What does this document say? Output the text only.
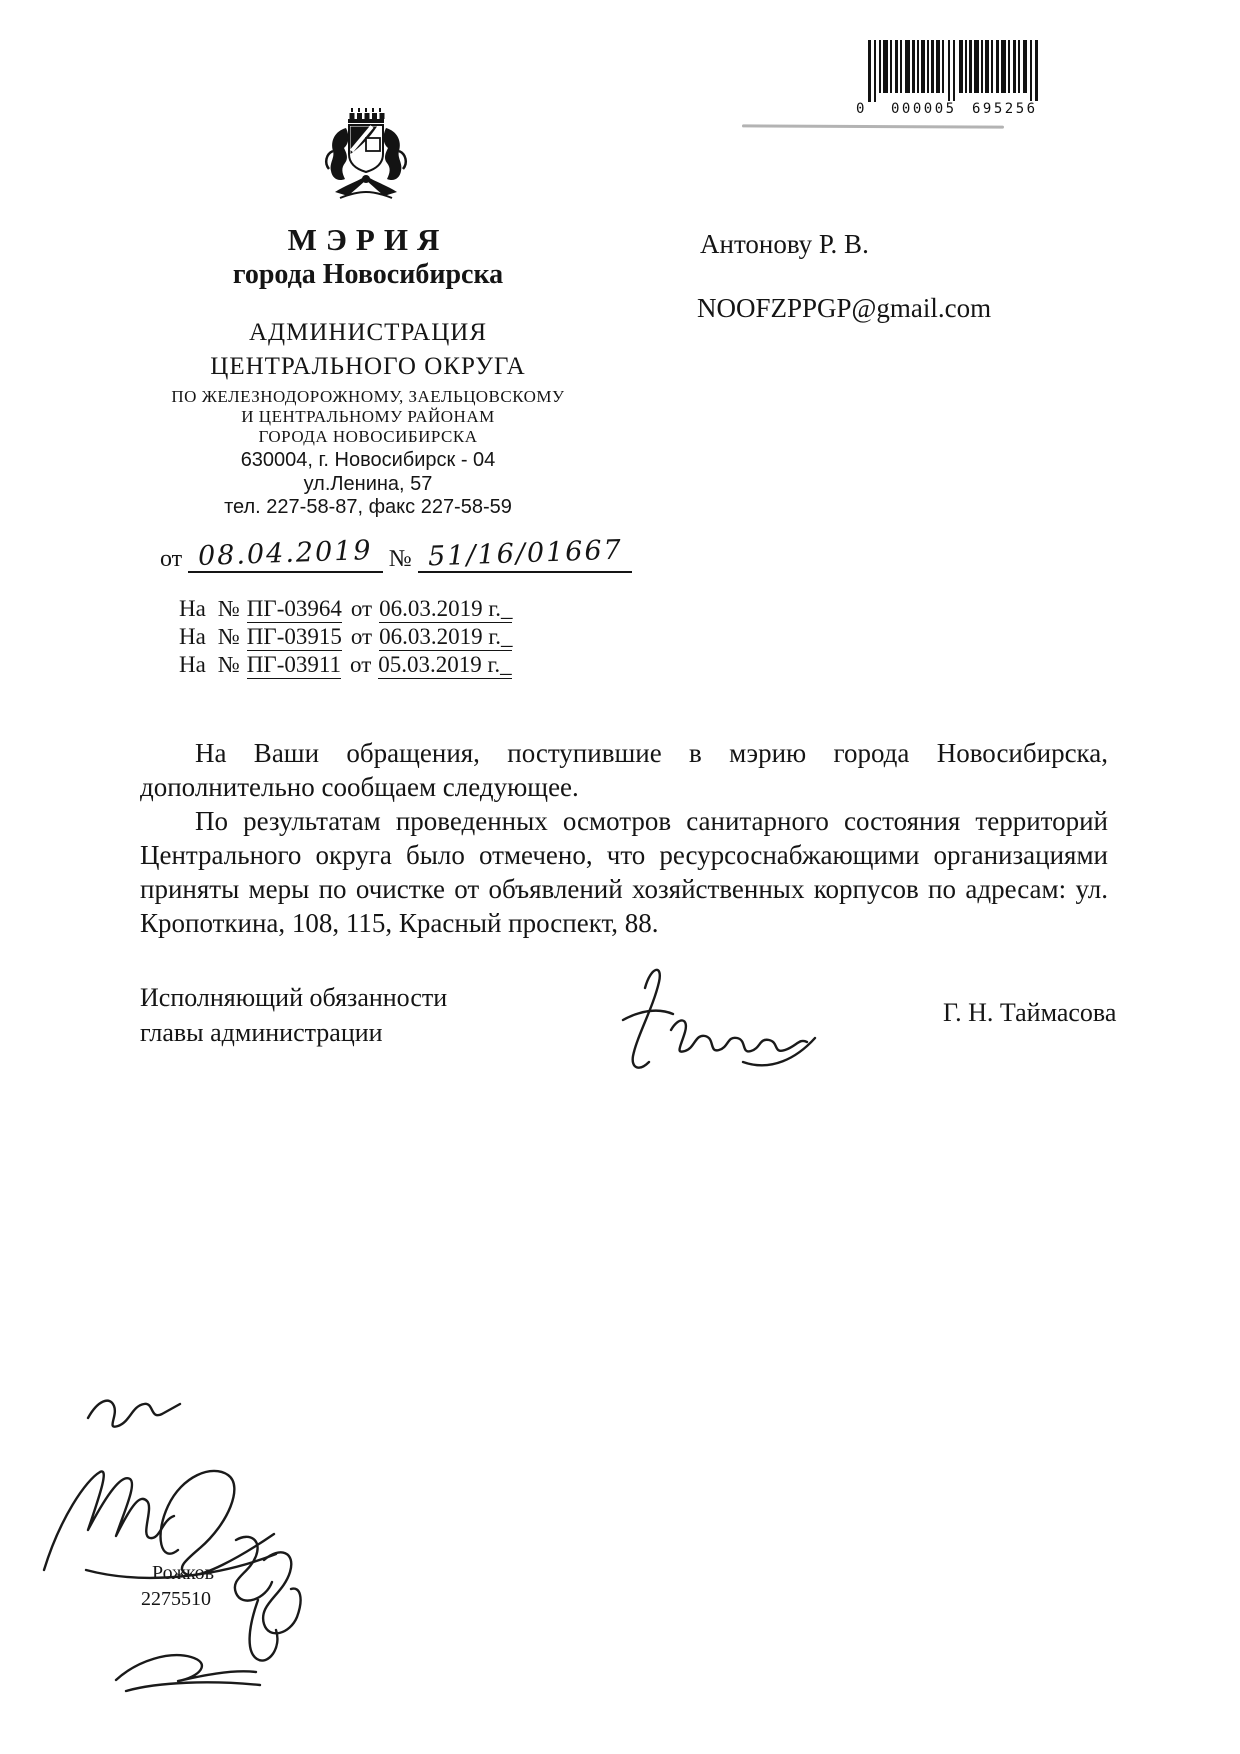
0 000005 695256
МЭРИЯ
города Новосибирска
АДМИНИСТРАЦИЯ
ЦЕНТРАЛЬНОГО ОКРУГА
ПО ЖЕЛЕЗНОДОРОЖНОМУ, ЗАЕЛЬЦОВСКОМУ
И ЦЕНТРАЛЬНОМУ РАЙОНАМ
ГОРОДА НОВОСИБИРСКА
630004, г. Новосибирск - 04
ул.Ленина, 57
тел. 227-58-87, факс 227-58-59
от 08.04.2019 № 51/16/01667
На № ПГ-03964 от 06.03.2019 г._
На № ПГ-03915 от 06.03.2019 г._
На № ПГ-03911 от 05.03.2019 г._
Антонову Р. В.
NOOFZPPGP@gmail.com

На Ваши обращения, поступившие в мэрию города Новосибирска, дополнительно сообщаем следующее.

По результатам проведенных осмотров санитарного состояния территорий Центрального округа было отмечено, что ресурсоснабжающими организациями приняты меры по очистке от объявлений хозяйственных корпусов по адресам: ул. Кропоткина, 108, 115, Красный проспект, 88.

Исполняющий обязанности
главы администрации
Г. Н. Таймасова
Рожков
2275510
